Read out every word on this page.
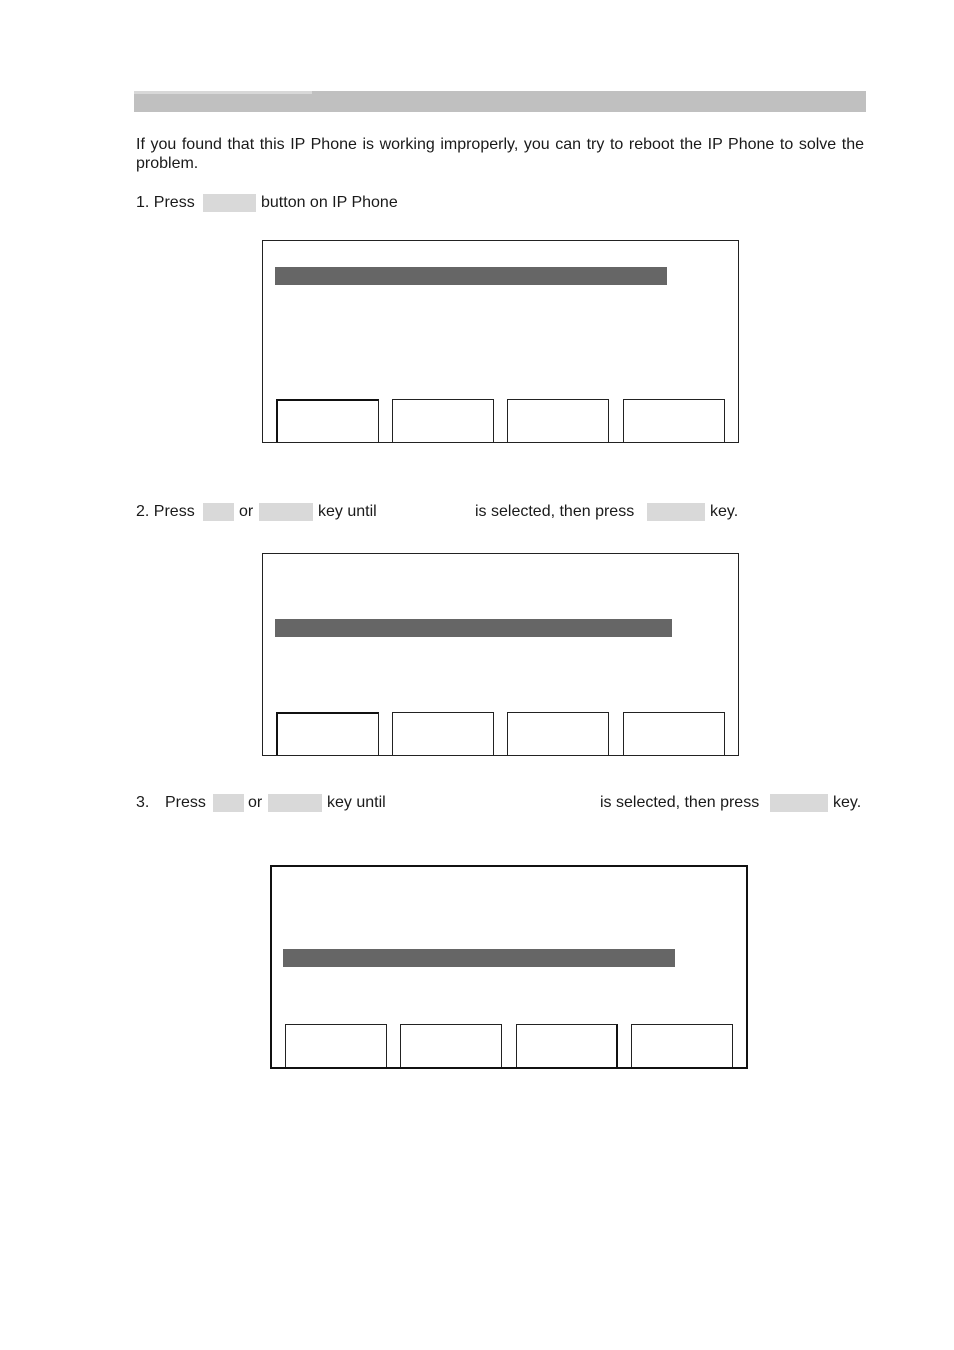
If you found that this IP Phone is working improperly, you can try to reboot the IP Phone to solve the problem.
1. Press	button on IP Phone
2. Press	or	key until	is selected, then press	key.
3. Press	or	key until	is selected, then press	key.
